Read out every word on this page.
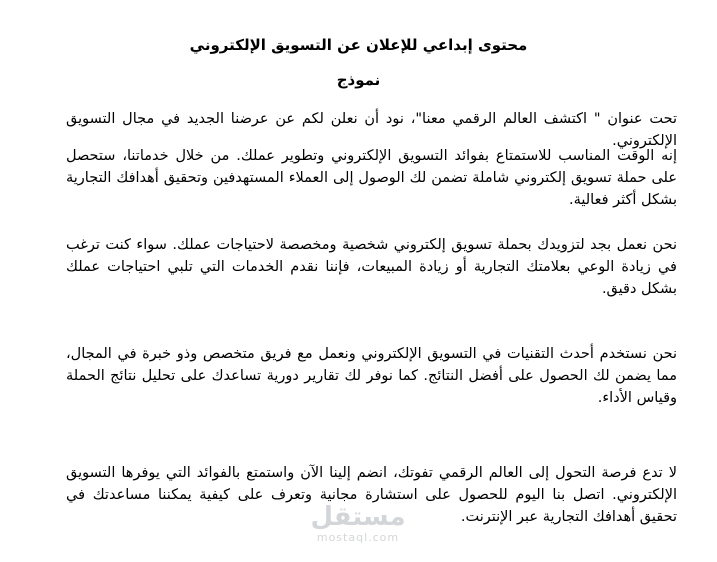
محتوى إبداعي للإعلان عن التسويق الإلكتروني
نموذج

تحت عنوان " اكتشف العالم الرقمي معنا"، نود أن نعلن لكم عن عرضنا الجديد في مجال التسويق الإلكتروني.

إنه الوقت المناسب للاستمتاع بفوائد التسويق الإلكتروني وتطوير عملك. من خلال خدماتنا، ستحصل على حملة تسويق إلكتروني شاملة تضمن لك الوصول إلى العملاء المستهدفين وتحقيق أهدافك التجارية بشكل أكثر فعالية.

نحن نعمل بجد لتزويدك بحملة تسويق إلكتروني شخصية ومخصصة لاحتياجات عملك. سواء كنت ترغب في زيادة الوعي بعلامتك التجارية أو زيادة المبيعات، فإننا نقدم الخدمات التي تلبي احتياجات عملك بشكل دقيق.

نحن نستخدم أحدث التقنيات في التسويق الإلكتروني ونعمل مع فريق متخصص وذو خبرة في المجال، مما يضمن لك الحصول على أفضل النتائج. كما نوفر لك تقارير دورية تساعدك على تحليل نتائج الحملة وقياس الأداء.

لا تدع فرصة التحول إلى العالم الرقمي تفوتك، انضم إلينا الآن واستمتع بالفوائد التي يوفرها التسويق الإلكتروني. اتصل بنا اليوم للحصول على استشارة مجانية وتعرف على كيفية يمكننا مساعدتك في تحقيق أهدافك التجارية عبر الإنترنت.

مستقل
mostaql.com
